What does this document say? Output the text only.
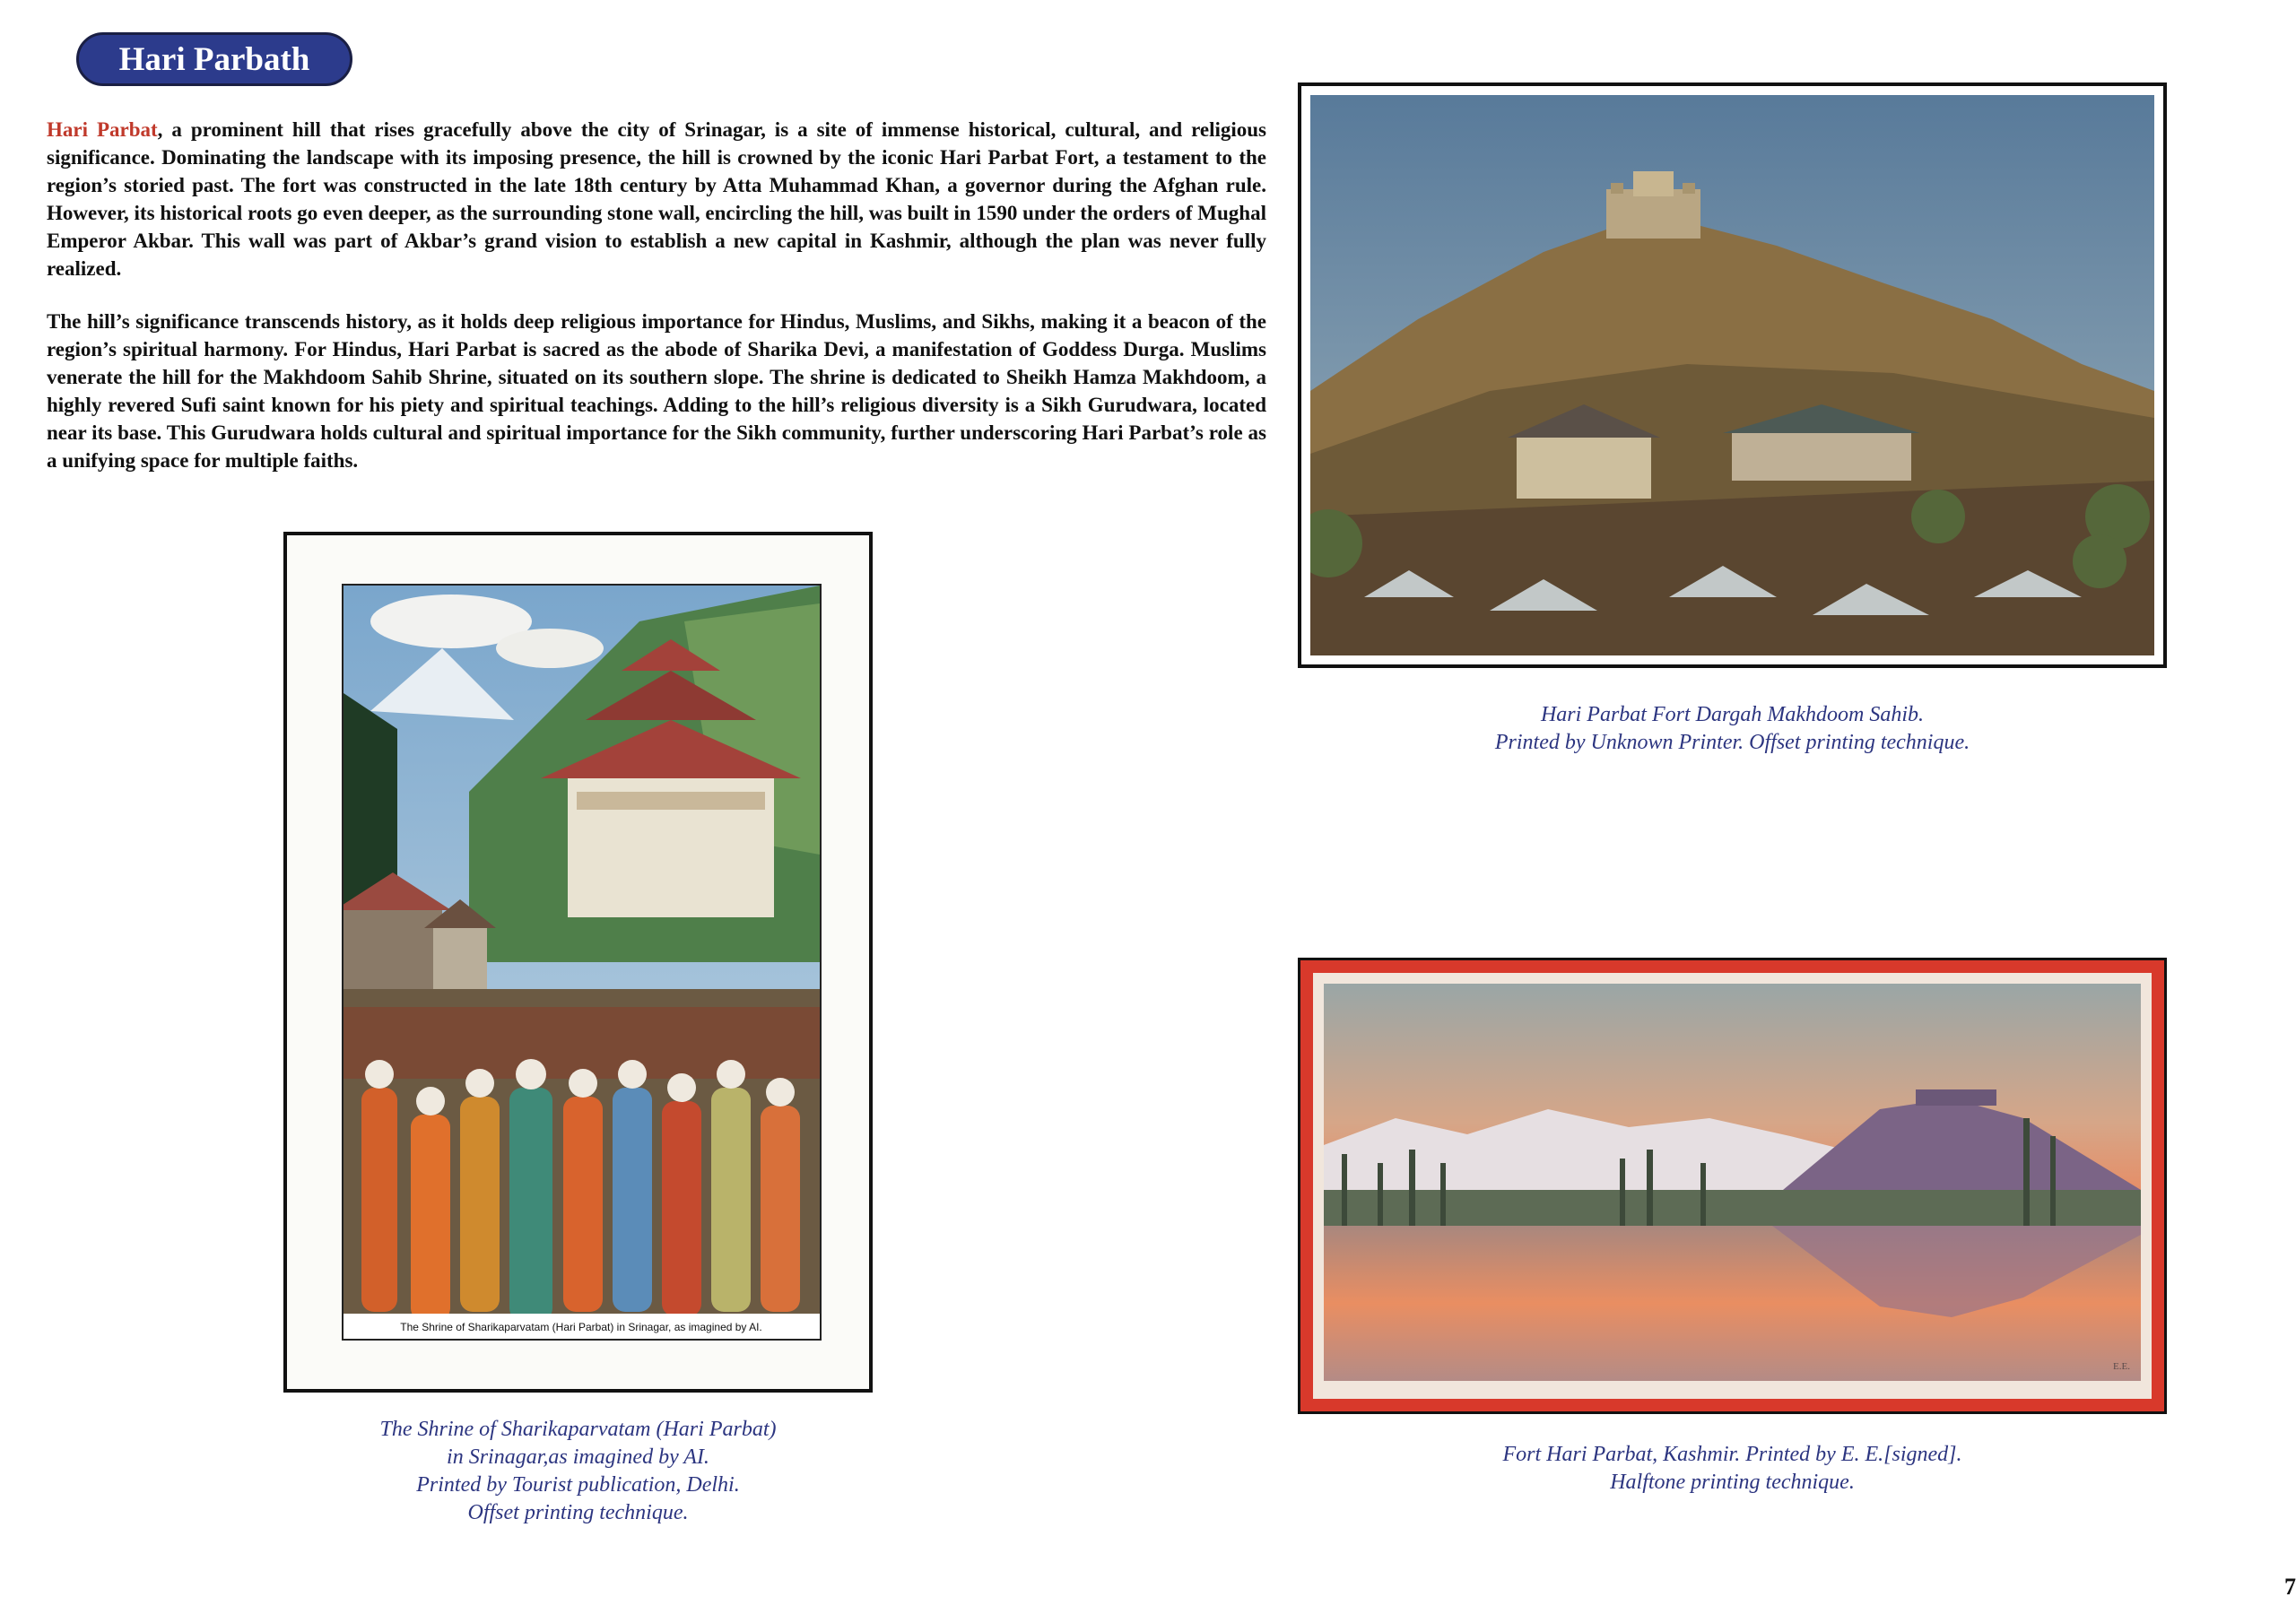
Hari Parbath

Hari Parbat, a prominent hill that rises gracefully above the city of Srinagar, is a site of immense historical, cultural, and religious significance. Dominating the landscape with its imposing presence, the hill is crowned by the iconic Hari Parbat Fort, a testament to the region’s storied past. The fort was constructed in the late 18th century by Atta Muhammad Khan, a governor during the Afghan rule. However, its historical roots go even deeper, as the surrounding stone wall, encircling the hill, was built in 1590 under the orders of Mughal Emperor Akbar. This wall was part of Akbar’s grand vision to establish a new capital in Kashmir, although the plan was never fully realized.

The hill’s significance transcends history, as it holds deep religious importance for Hindus, Muslims, and Sikhs, making it a beacon of the region’s spiritual harmony. For Hindus, Hari Parbat is sacred as the abode of Sharika Devi, a manifestation of Goddess Durga. Muslims venerate the hill for the Makhdoom Sahib Shrine, situated on its southern slope. The shrine is dedicated to Sheikh Hamza Makhdoom, a highly revered Sufi saint known for his piety and spiritual teachings. Adding to the hill’s religious diversity is a Sikh Gurudwara, located near its base. This Gurudwara holds cultural and spiritual importance for the Sikh community, further underscoring Hari Parbat’s role as a unifying space for multiple faiths.

Hari Parbat Fort Dargah Makhdoom Sahib.
Printed by Unknown Printer. Offset printing technique.
The Shrine of Sharikaparvatam (Hari Parbat) in Srinagar, as imagined by AI.
The Shrine of Sharikaparvatam (Hari Parbat)
in Srinagar,as imagined by AI.
Printed by Tourist publication, Delhi.
Offset printing technique.
E.E.
Fort Hari Parbat, Kashmir. Printed by E. E.[signed].
Halftone printing technique.
7
